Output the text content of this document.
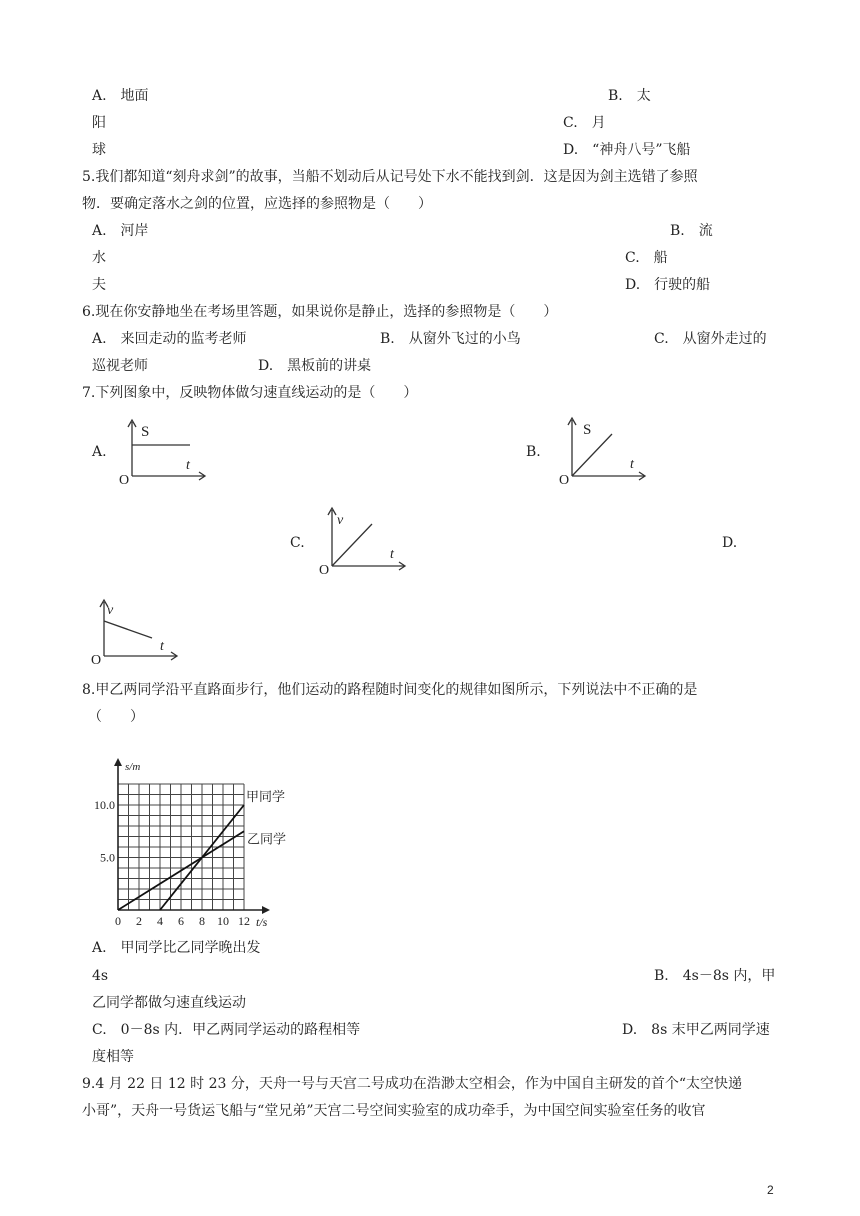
A.　地面	B.　太
阳	C.　月
球	D.　“神舟八号”飞船
5.我们都知道“刻舟求剑”的故事，当船不划动后从记号处下水不能找到剑．这是因为剑主选错了参照
物．要确定落水之剑的位置，应选择的参照物是（　　）
A.　河岸	B.　流
水	C.　船
夫	D.　行驶的船
6.现在你安静地坐在考场里答题，如果说你是静止，选择的参照物是（　　）
A.　来回走动的监考老师	B.　从窗外飞过的小鸟	C.　从窗外走过的
巡视老师	D.　黑板前的讲桌
7.下列图象中，反映物体做匀速直线运动的是（　　）
A.	B.
C.	D.
S
t
O
S
t
O
v
t
O
v
t
O
8.甲乙两同学沿平直路面步行，他们运动的路程随时间变化的规律如图所示，下列说法中不正确的是
（　　）
0 2 4 6 8 10 12
5.0
10.0
s/m
t/s
甲同学
乙同学
A.　甲同学比乙同学晚出发
4s	B.　4s－8s 内，甲
乙同学都做匀速直线运动
C.　0－8s 内．甲乙两同学运动的路程相等	D.　8s 末甲乙两同学速
度相等
9.4 月 22 日 12 时 23 分，天舟一号与天宫二号成功在浩渺太空相会，作为中国自主研发的首个“太空快递
小哥”，天舟一号货运飞船与“堂兄弟”天宫二号空间实验室的成功牵手，为中国空间实验室任务的收官
2
